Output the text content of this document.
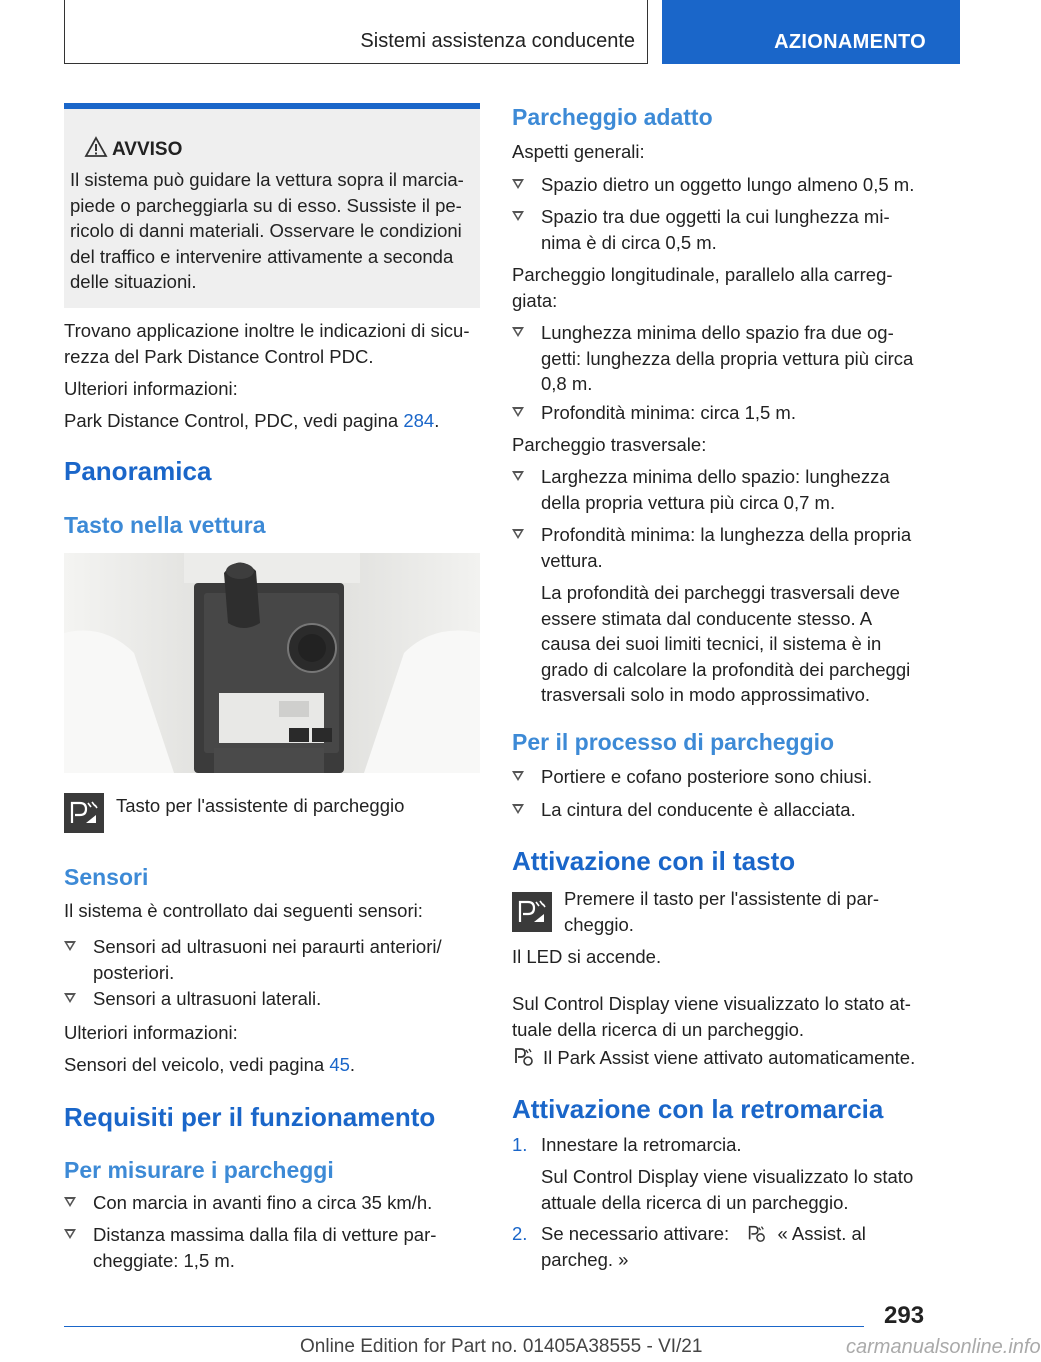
Sistemi assistenza conducente	AZIONAMENTO
AVVISO
Il sistema può guidare la vettura sopra il marcia-
piede o parcheggiarla su di esso. Sussiste il pe-
ricolo di danni materiali. Osservare le condizioni
del traffico e intervenire attivamente a seconda
delle situazioni.
Trovano applicazione inoltre le indicazioni di sicu-
rezza del Park Distance Control PDC.
Ulteriori informazioni:
Park Distance Control, PDC, vedi pagina 284.
Panoramica
Tasto nella vettura
Tasto per l'assistente di parcheggio
Sensori
Il sistema è controllato dai seguenti sensori:
Sensori ad ultrasuoni nei paraurti anteriori/
posteriori.
Sensori a ultrasuoni laterali.
Ulteriori informazioni:
Sensori del veicolo, vedi pagina 45.
Requisiti per il funzionamento
Per misurare i parcheggi
Con marcia in avanti fino a circa 35 km/h.
Distanza massima dalla fila di vetture par-
cheggiate: 1,5 m.
Parcheggio adatto
Aspetti generali:
Spazio dietro un oggetto lungo almeno 0,5 m.
Spazio tra due oggetti la cui lunghezza mi-
nima è di circa 0,5 m.
Parcheggio longitudinale, parallelo alla carreg-
giata:
Lunghezza minima dello spazio fra due og-
getti: lunghezza della propria vettura più circa
0,8 m.
Profondità minima: circa 1,5 m.
Parcheggio trasversale:
Larghezza minima dello spazio: lunghezza
della propria vettura più circa 0,7 m.
Profondità minima: la lunghezza della propria
vettura.
La profondità dei parcheggi trasversali deve
essere stimata dal conducente stesso. A
causa dei suoi limiti tecnici, il sistema è in
grado di calcolare la profondità dei parcheggi
trasversali solo in modo approssimativo.
Per il processo di parcheggio
Portiere e cofano posteriore sono chiusi.
La cintura del conducente è allacciata.
Attivazione con il tasto
Premere il tasto per l'assistente di par-
cheggio.
Il LED si accende.
Sul Control Display viene visualizzato lo stato at-
tuale della ricerca di un parcheggio.
Il Park Assist viene attivato automaticamente.
Attivazione con la retromarcia
1. Innestare la retromarcia.
Sul Control Display viene visualizzato lo stato
attuale della ricerca di un parcheggio.
2. Se necessario attivare:	« Assist. al
parcheg. »
293
Online Edition for Part no. 01405A38555 - VI/21	carmanualsonline.info
